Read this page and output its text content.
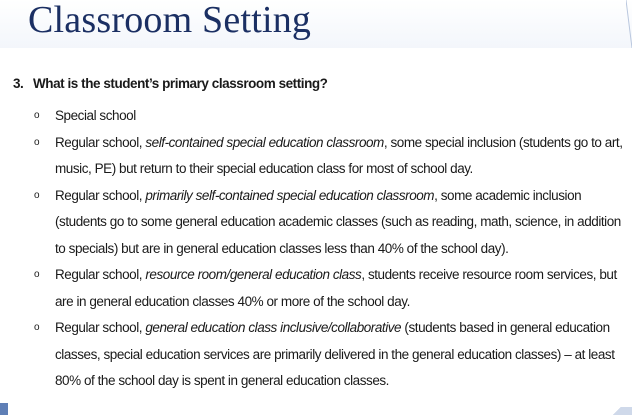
Classroom Setting
3. What is the student’s primary classroom setting?
o Special school
o Regular school, self-contained special education classroom, some special inclusion (students go to art,
music, PE) but return to their special education class for most of school day.
o Regular school, primarily self-contained special education classroom, some academic inclusion
(students go to some general education academic classes (such as reading, math, science, in addition
to specials) but are in general education classes less than 40% of the school day).
o Regular school, resource room/general education class, students receive resource room services, but
are in general education classes 40% or more of the school day.
o Regular school, general education class inclusive/collaborative (students based in general education
classes, special education services are primarily delivered in the general education classes) – at least
80% of the school day is spent in general education classes.
